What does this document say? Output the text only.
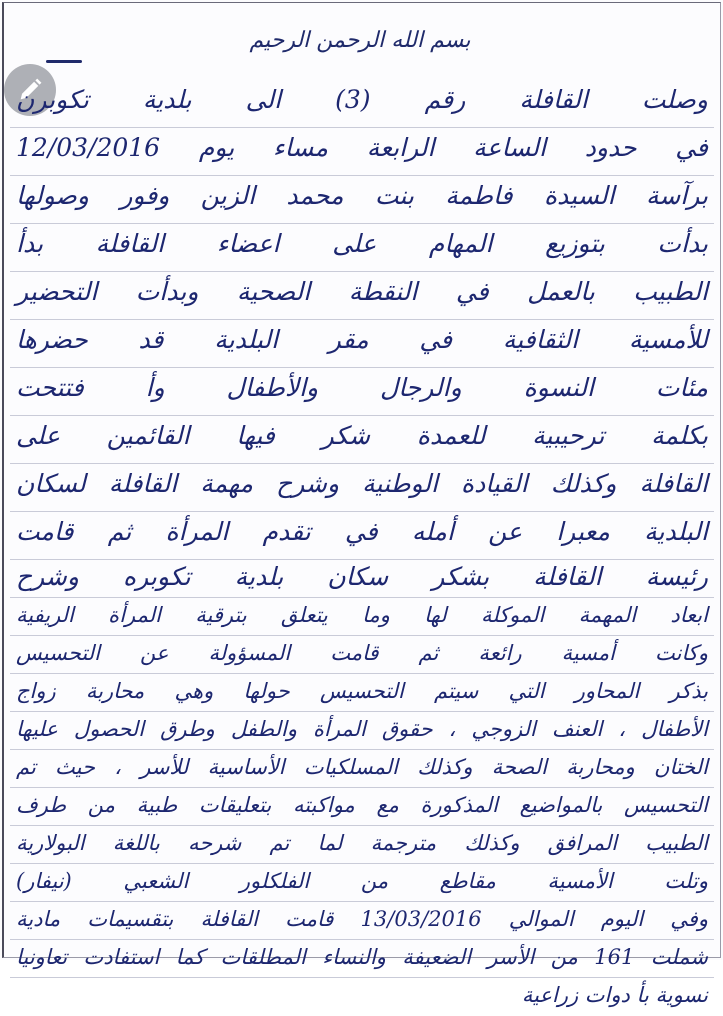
بسم الله الرحمن الرحيم
وصلت القافلة رقم (3) الى بلدية تكوبرن
في حدود الساعة الرابعة مساء يوم 12/03/2016
برآسة السيدة فاطمة بنت محمد الزين وفور وصولها
بدأت بتوزيع المهام على اعضاء القافلة بدأ
الطبيب بالعمل في النقطة الصحية وبدأت التحضير
للأمسية الثقافية في مقر البلدية قد حضرها
مئات النسوة والرجال والأطفال وأ فتتحت
بكلمة ترحيبية للعمدة شكر فيها القائمين على
القافلة وكذلك القيادة الوطنية وشرح مهمة القافلة لسكان
البلدية معبرا عن أمله في تقدم المرأة ثم قامت
رئيسة القافلة بشكر سكان بلدية تكوبره وشرح
ابعاد المهمة الموكلة لها وما يتعلق بترقية المرأة الريفية
وكانت أمسية رائعة ثم قامت المسؤولة عن التحسيس
بذكر المحاور التي سيتم التحسيس حولها وهي محاربة زواج
الأطفال ، العنف الزوجي ، حقوق المرأة والطفل وطرق الحصول عليها
الختان ومحاربة الصحة وكذلك المسلكيات الأساسية للأسر ، حيث تم
التحسيس بالمواضيع المذكورة مع مواكبته بتعليقات طبية من طرف
الطبيب المرافق وكذلك مترجمة لما تم شرحه باللغة البولارية
وتلت الأمسية مقاطع من الفلكلور الشعبي (نيفار)
وفي اليوم الموالي 13/03/2016 قامت القافلة بتقسيمات مادية
شملت 161 من الأسر الضعيفة والنساء المطلقات كما استفادت تعاونيا
نسوية بأ دوات زراعية
